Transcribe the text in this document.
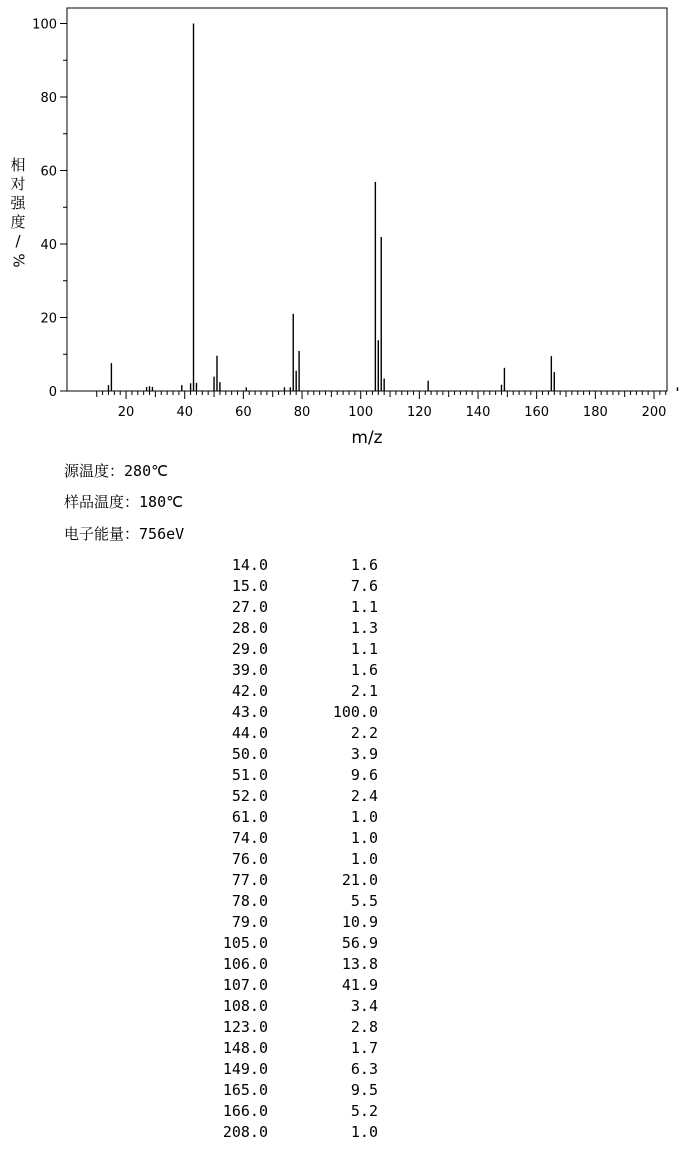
0
20
40
60
80
100
20	40	60	80	100	120	140	160	180	200
m/z
相
对
强
度
/
%
源温度：280℃
样品温度：180℃
电子能量：756eV
14.0	1.6
15.0	7.6
27.0	1.1
28.0	1.3
29.0	1.1
39.0	1.6
42.0	2.1
43.0	100.0
44.0	2.2
50.0	3.9
51.0	9.6
52.0	2.4
61.0	1.0
74.0	1.0
76.0	1.0
77.0	21.0
78.0	5.5
79.0	10.9
105.0	56.9
106.0	13.8
107.0	41.9
108.0	3.4
123.0	2.8
148.0	1.7
149.0	6.3
165.0	9.5
166.0	5.2
208.0	1.0
